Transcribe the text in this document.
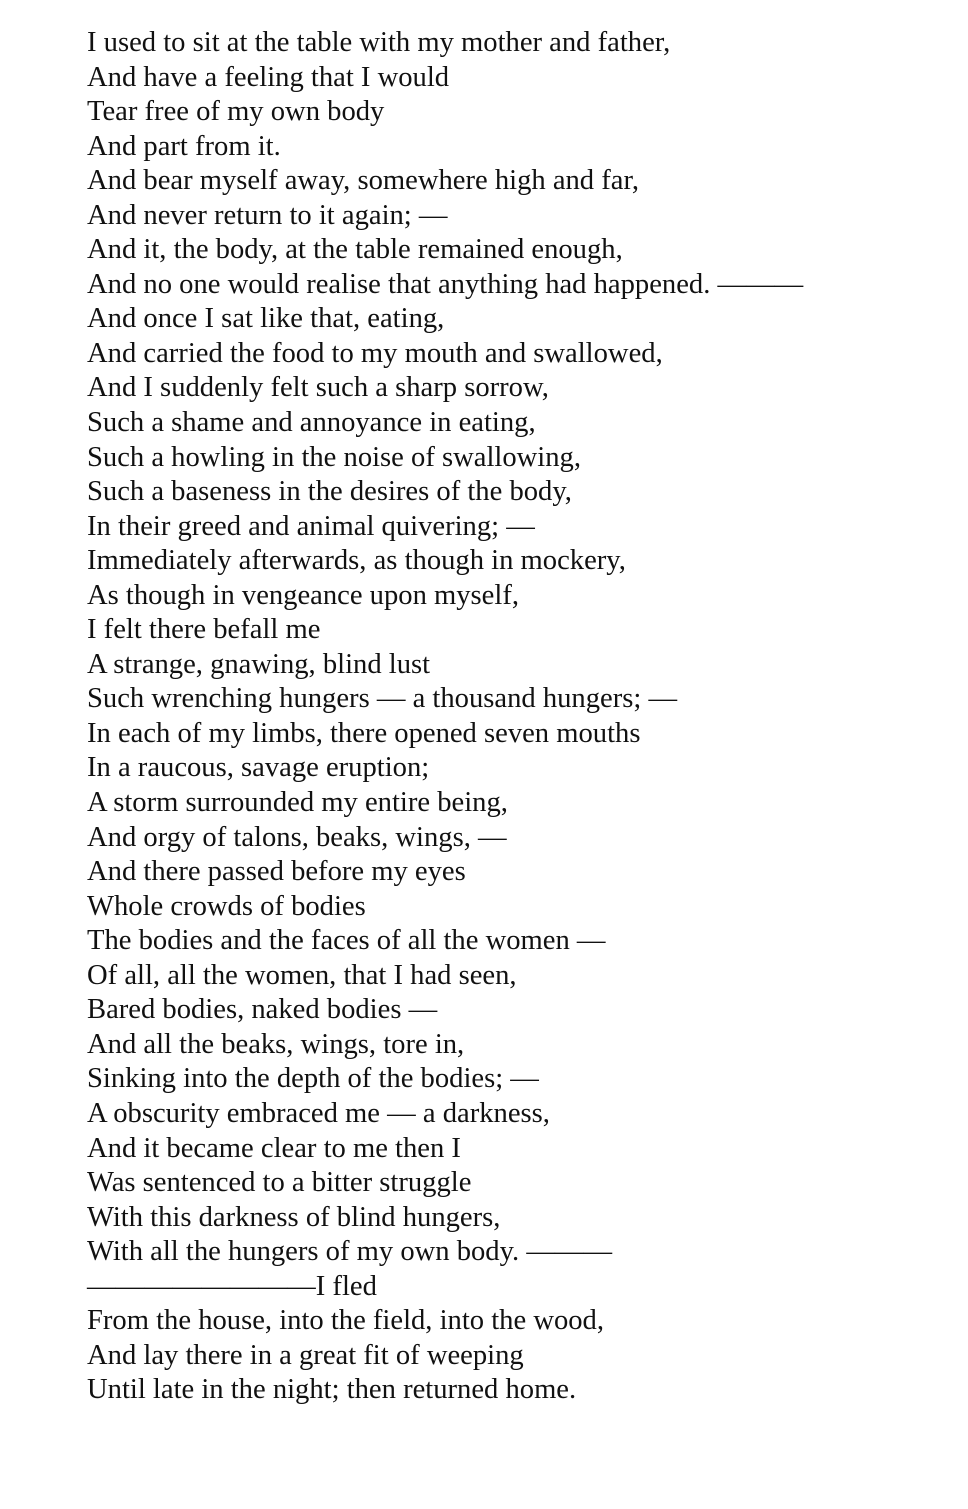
I used to sit at the table with my mother and father,
And have a feeling that I would
Tear free of my own body
And part from it.
And bear myself away, somewhere high and far,
And never return to it again; —
And it, the body, at the table remained enough,
And no one would realise that anything had happened. ———
And once I sat like that, eating,
And carried the food to my mouth and swallowed,
And I suddenly felt such a sharp sorrow,
Such a shame and annoyance in eating,
Such a howling in the noise of swallowing,
Such a baseness in the desires of the body,
In their greed and animal quivering; —
Immediately afterwards, as though in mockery,
As though in vengeance upon myself,
I felt there befall me
A strange, gnawing, blind lust
Such wrenching hungers — a thousand hungers; —
In each of my limbs, there opened seven mouths
In a raucous, savage eruption;
A storm surrounded my entire being,
And orgy of talons, beaks, wings, —
And there passed before my eyes
Whole crowds of bodies
The bodies and the faces of all the women —
Of all, all the women, that I had seen,
Bared bodies, naked bodies —
And all the beaks, wings, tore in,
Sinking into the depth of the bodies; —
A obscurity embraced me — a darkness,
And it became clear to me then I
Was sentenced to a bitter struggle
With this darkness of blind hungers,
With all the hungers of my own body. ———
————————I fled
From the house, into the field, into the wood,
And lay there in a great fit of weeping
Until late in the night; then returned home.
